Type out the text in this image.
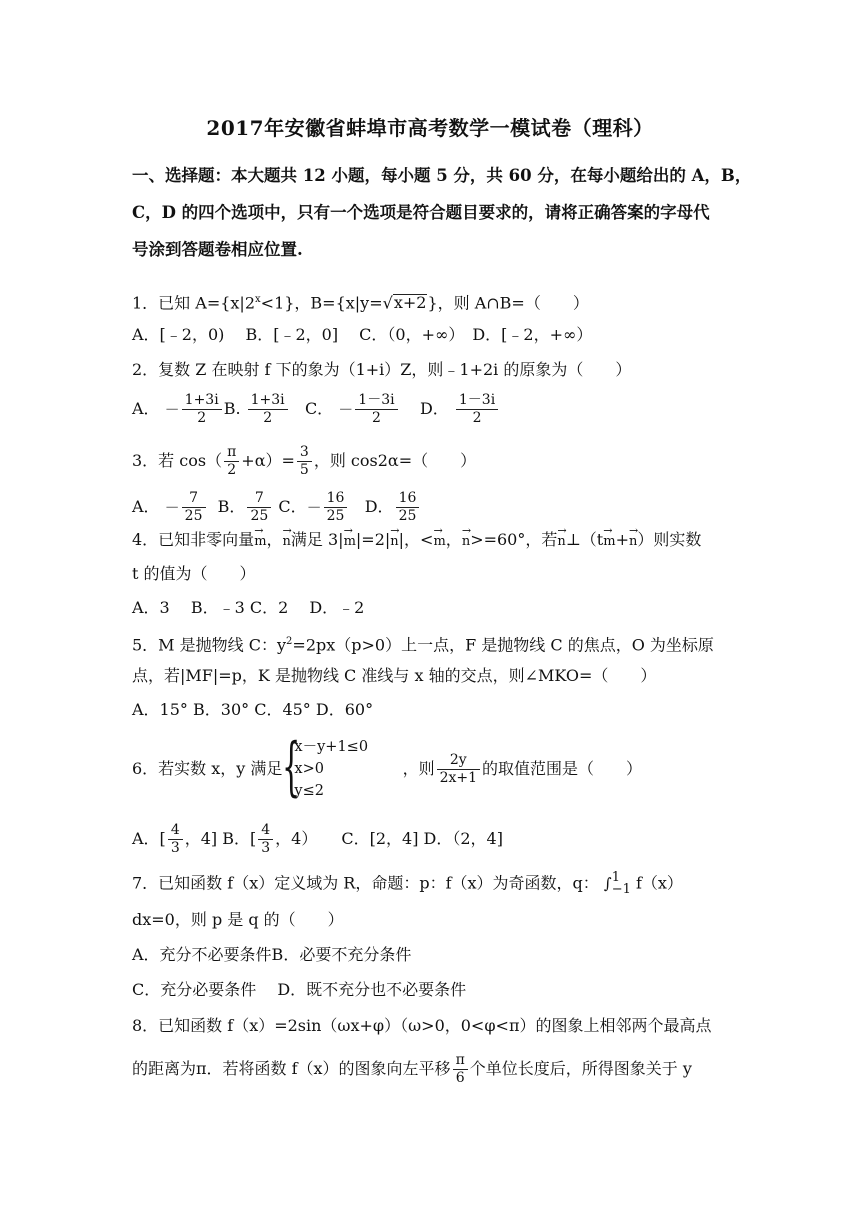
2017年安徽省蚌埠市高考数学一模试卷（理科）
一、选择题：本大题共 12 小题，每小题 5 分，共 60 分，在每小题给出的 A，B，
C，D 的四个选项中，只有一个选项是符合题目要求的，请将正确答案的字母代
号涂到答题卷相应位置.
1．已知 $A=\{x|2^x<1\}$，B={x|y=√x+2}，则 A∩B=（　　）
A．[﹣2，0)　 B．[﹣2，0]　 C．（0，+∞）　D．[﹣2，+∞）
2．复数 Z 在映射 f 下的象为（1+i）Z，则﹣1+2i 的原象为（　　）
A． － $\frac{1+3i}{2} B$. $\frac{1+3i}{2}$ C． － $\frac{1-3i}{2}$ D． $\frac{1-3i}{2}$
3．若 $\cos( \frac{\pi}{2} +\alpha)= \frac{3}{5}$ ，则 cos2α=（　　）
A． － $\frac{7}{25}$ B． $\frac{7}{25}$ C．－ $\frac{16}{25}$ D． $\frac{16}{25}$
4．已知非零向量→ m，→ n满足 3|→ m|=2|→ n|，<→ m，→ n>=60°，若→ n⊥（t→ m+→ n）则实数
t 的值为（　　）
A．3　 B．﹣3 C．2　 D．﹣2
5．M 是抛物线 C：$y^2=2px(p>0)$上一点，F 是抛物线 C 的焦点，O 为坐标原
点，若|MF|=p，K 是抛物线 C 准线与 x 轴的交点，则∠MKO=（　　）
A．15° B．30° C．45° D．60°
6．若实数 x，y 满足 {
x－y+1≤0
x>0
y≤2
，则 $\frac{2y}{2x+1}$ 的取值范围是（　　）
A．[ $\frac{4}{3}$ ，4] B．[ $\frac{4}{3}$ ，4）　　C．[2，4] D．（2，4]
7．已知函数 f（x）定义域为 R，命题：p：f（x）为奇函数，q： ∫ 1
−1 f（x）
dx=0，则 p 是 q 的（　　）
A．充分不必要条件B．必要不充分条件
C．充分必要条件　 D．既不充分也不必要条件
8．已知函数 f（x）=2sin（ωx+φ）（ω>0，0<φ<π）的图象上相邻两个最高点
的距离为π．若将函数 f（x）的图象向左平移 $\frac{\pi}{6}$ 个单位长度后，所得图象关于 y
